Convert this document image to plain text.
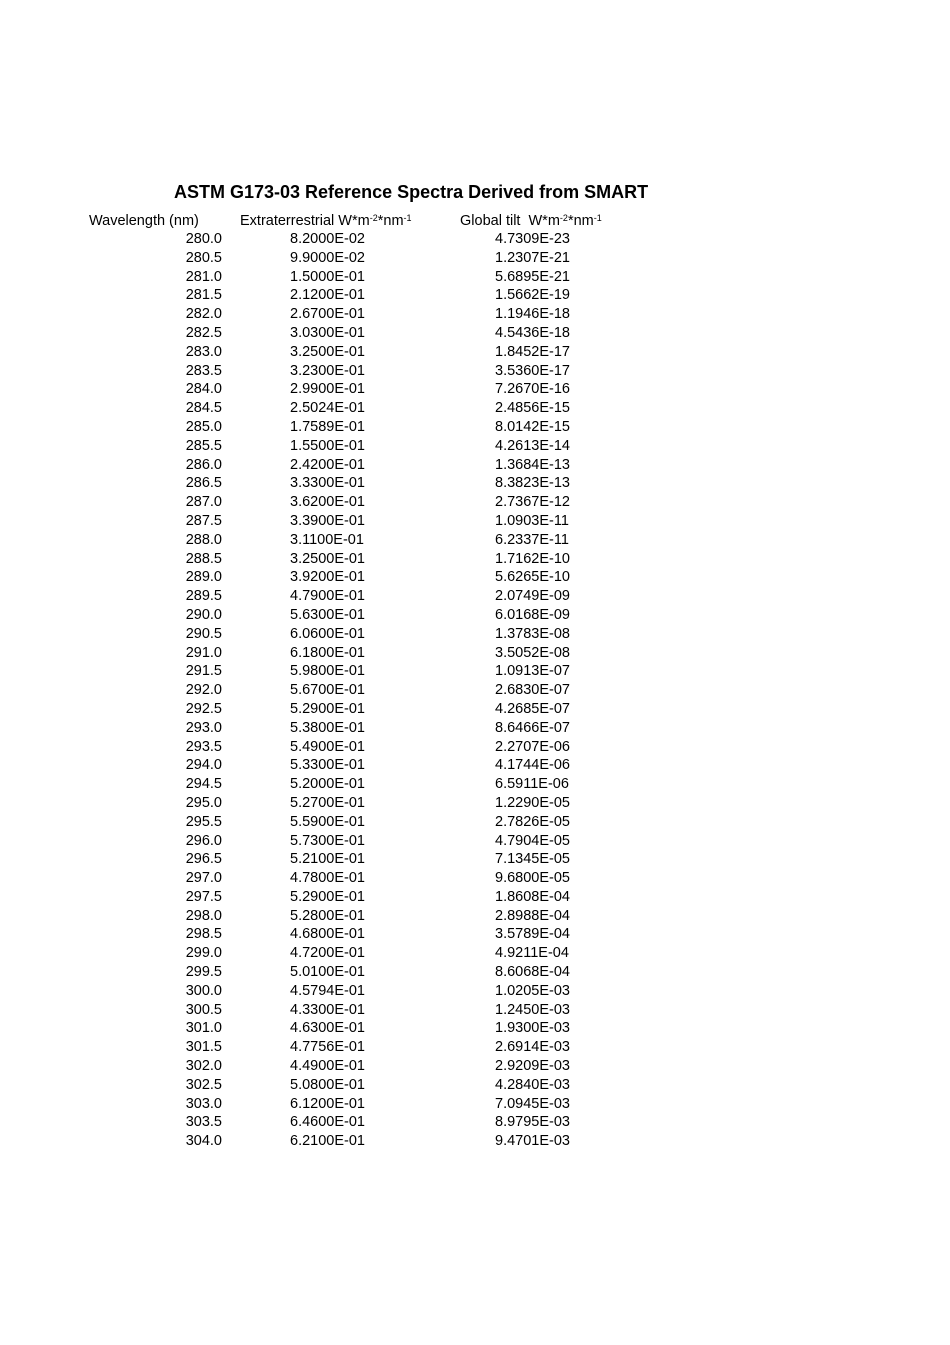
ASTM G173-03 Reference Spectra Derived from SMART
Wavelength (nm)	Extraterrestrial $W*m^{-2}*nm^{-1}$	Global tilt  $W*m^{-2}*nm^{-1}$
280.0	8.2000E-02	4.7309E-23
280.5	9.9000E-02	1.2307E-21
281.0	1.5000E-01	5.6895E-21
281.5	2.1200E-01	1.5662E-19
282.0	2.6700E-01	1.1946E-18
282.5	3.0300E-01	4.5436E-18
283.0	3.2500E-01	1.8452E-17
283.5	3.2300E-01	3.5360E-17
284.0	2.9900E-01	7.2670E-16
284.5	2.5024E-01	2.4856E-15
285.0	1.7589E-01	8.0142E-15
285.5	1.5500E-01	4.2613E-14
286.0	2.4200E-01	1.3684E-13
286.5	3.3300E-01	8.3823E-13
287.0	3.6200E-01	2.7367E-12
287.5	3.3900E-01	1.0903E-11
288.0	3.1100E-01	6.2337E-11
288.5	3.2500E-01	1.7162E-10
289.0	3.9200E-01	5.6265E-10
289.5	4.7900E-01	2.0749E-09
290.0	5.6300E-01	6.0168E-09
290.5	6.0600E-01	1.3783E-08
291.0	6.1800E-01	3.5052E-08
291.5	5.9800E-01	1.0913E-07
292.0	5.6700E-01	2.6830E-07
292.5	5.2900E-01	4.2685E-07
293.0	5.3800E-01	8.6466E-07
293.5	5.4900E-01	2.2707E-06
294.0	5.3300E-01	4.1744E-06
294.5	5.2000E-01	6.5911E-06
295.0	5.2700E-01	1.2290E-05
295.5	5.5900E-01	2.7826E-05
296.0	5.7300E-01	4.7904E-05
296.5	5.2100E-01	7.1345E-05
297.0	4.7800E-01	9.6800E-05
297.5	5.2900E-01	1.8608E-04
298.0	5.2800E-01	2.8988E-04
298.5	4.6800E-01	3.5789E-04
299.0	4.7200E-01	4.9211E-04
299.5	5.0100E-01	8.6068E-04
300.0	4.5794E-01	1.0205E-03
300.5	4.3300E-01	1.2450E-03
301.0	4.6300E-01	1.9300E-03
301.5	4.7756E-01	2.6914E-03
302.0	4.4900E-01	2.9209E-03
302.5	5.0800E-01	4.2840E-03
303.0	6.1200E-01	7.0945E-03
303.5	6.4600E-01	8.9795E-03
304.0	6.2100E-01	9.4701E-03
